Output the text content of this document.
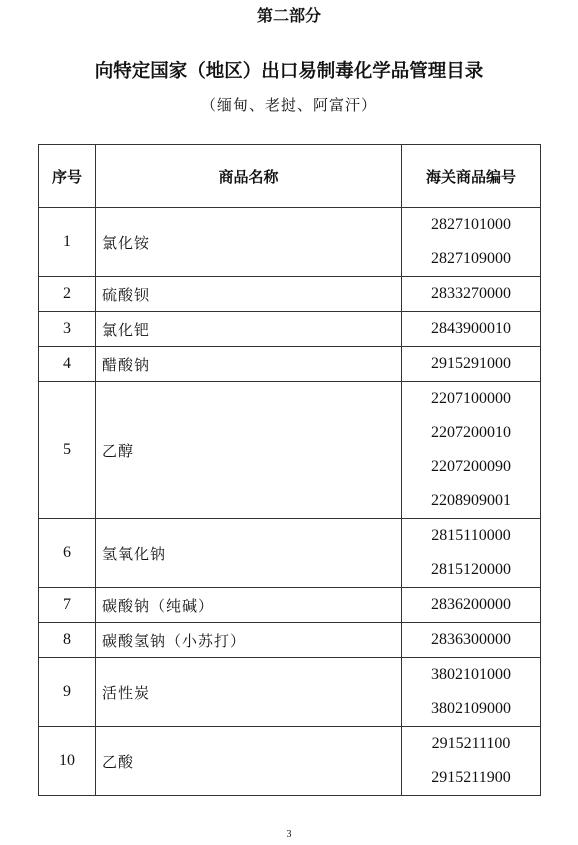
第二部分
向特定国家（地区）出口易制毒化学品管理目录
（缅甸、老挝、阿富汗）
序号	商品名称	海关商品编号
1	氯化铵	2827101000
2827109000

2	硫酸钡	2833270000

3	氯化钯	2843900010

4	醋酸钠	2915291000

5	乙醇	2207100000
2207200010
2207200090
2208909001

6	氢氧化钠	2815110000
2815120000

7	碳酸钠（纯碱）	2836200000

8	碳酸氢钠（小苏打）	2836300000

9	活性炭	3802101000
3802109000

10	乙酸	2915211100
2915211900
3
